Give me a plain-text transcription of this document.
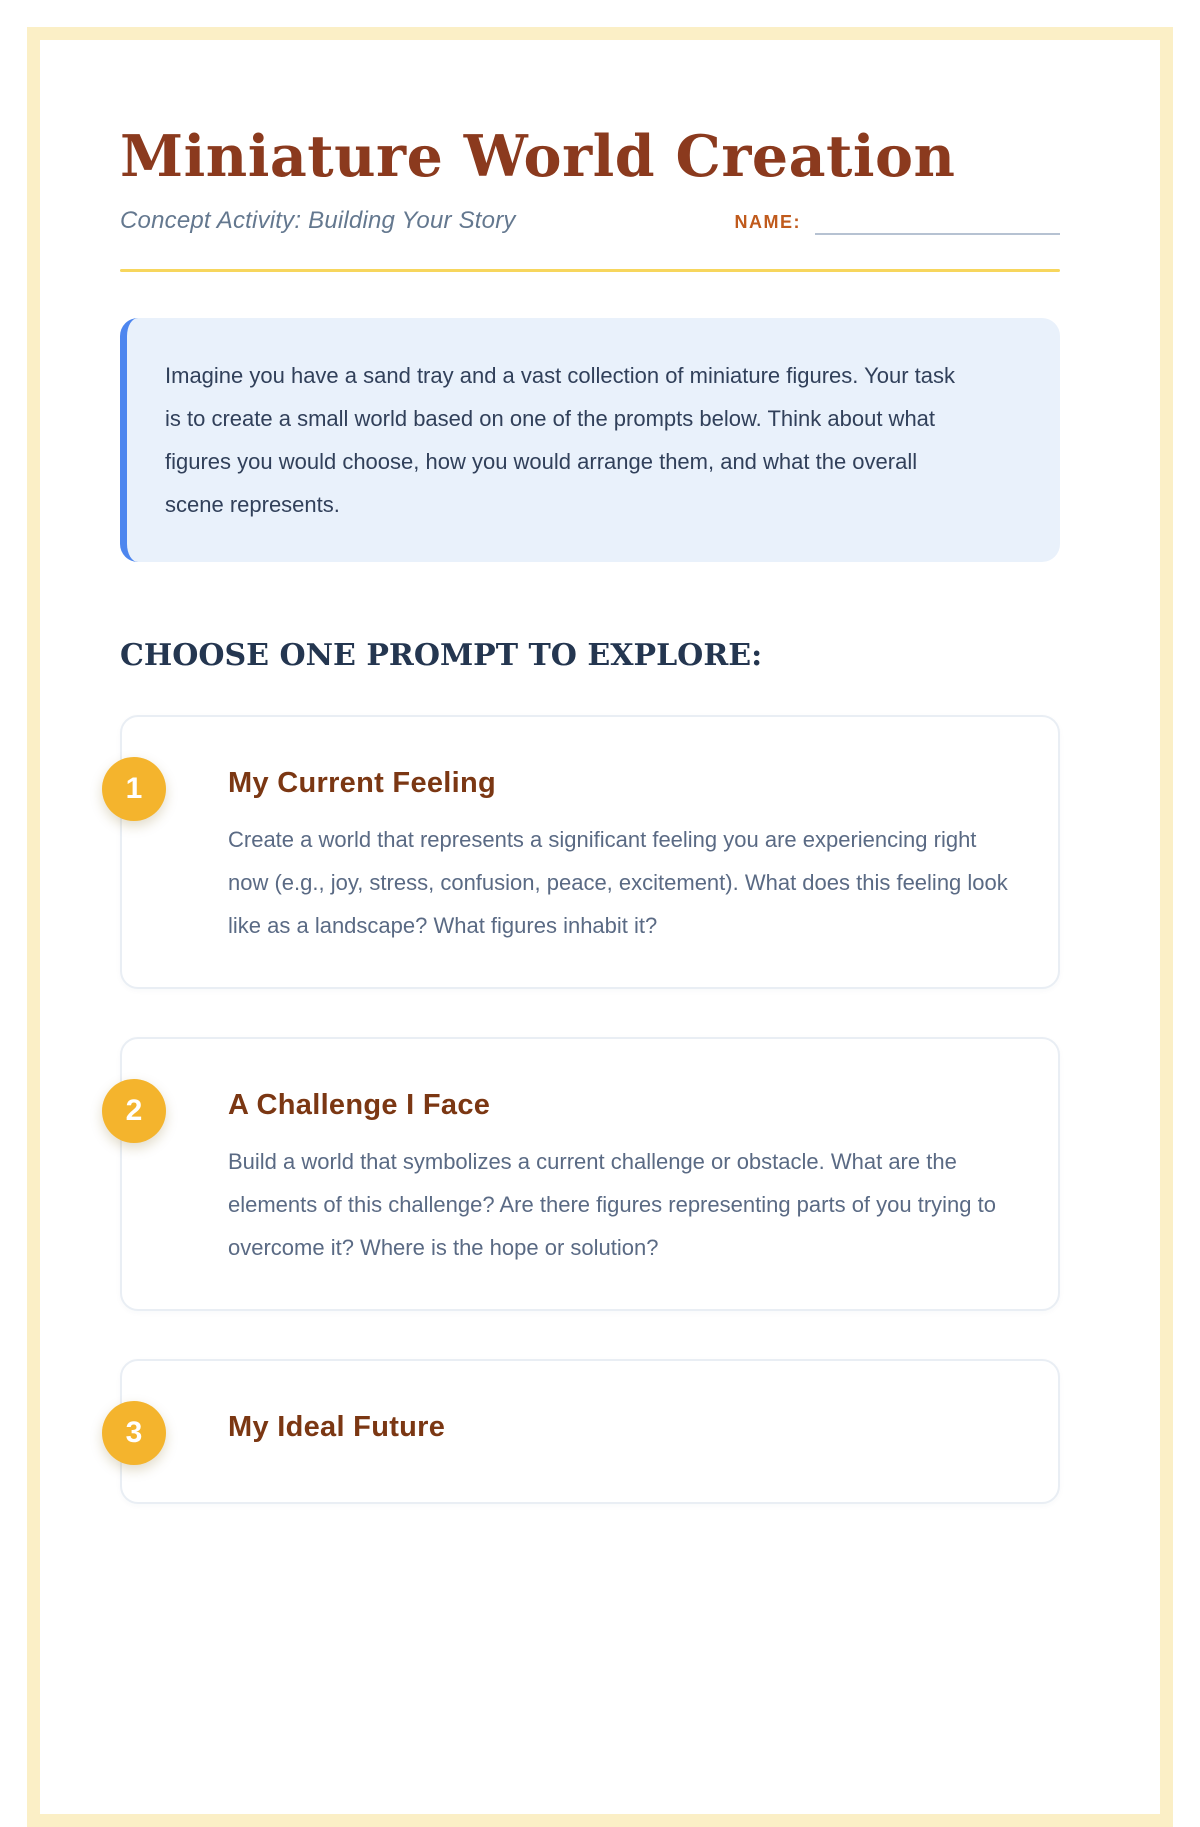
Miniature World Creation
Concept Activity: Building Your Story	NAME:

Imagine you have a sand tray and a vast collection of miniature figures. Your task is to create a small world based on one of the prompts below. Think about what figures you would choose, how you would arrange them, and what the overall scene represents.

CHOOSE ONE PROMPT TO EXPLORE:
1	My Current Feeling

Create a world that represents a significant feeling you are experiencing right now (e.g., joy, stress, confusion, peace, excitement). What does this feeling look like as a landscape? What figures inhabit it?

2	A Challenge I Face

Build a world that symbolizes a current challenge or obstacle. What are the elements of this challenge? Are there figures representing parts of you trying to overcome it? Where is the hope or solution?

3	My Ideal Future
